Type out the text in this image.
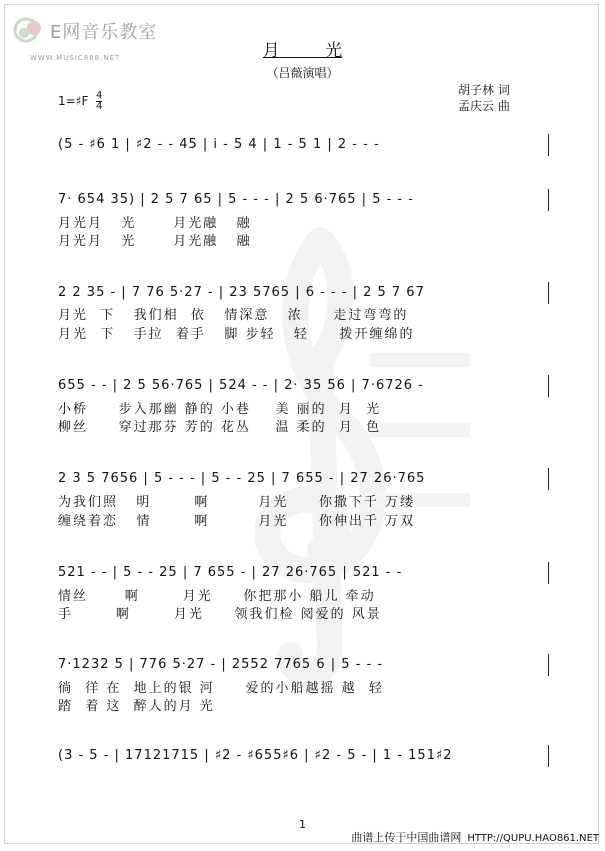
E网音乐教室
WWW.MUSIC888.NET	月 光
（吕薇演唱）
胡子林 词
孟庆云 曲
1=♯F 4
4
(5 - ♯6 1 | ♯2 - - 45 | i - 5 4 | 1 - 5 1 | 2 - - -
7· 654 35) | 2 5 7 65 | 5 - - - | 2 5 6·765 | 5 - - -
月光月   光      月光融   融
月光月   光      月光融   融
2 2 35 - | 7 76 5·27 - | 23 5765 | 6 - - - | 2 5 7 67
月光  下   我们相  依   情深意   浓     走过弯弯的
月光  下   手拉  着手   脚 步轻   轻     拨开缠绵的
655 - - | 2 5 56·765 | 524 - - | 2· 35 56 | 7·6726 -
小桥     步入那幽 静的 小巷    美 丽的  月  光
柳丝     穿过那芬 芳的 花丛    温 柔的  月  色
2 3 5 7656 | 5 - - - | 5 - - 25 | 7 655 - | 27 26·765
为我们照   明       啊        月光     你撒下千 万缕
缠绕着恋   情       啊        月光     你伸出千 万双
521 - - | 5 - - 25 | 7 655 - | 27 26·765 | 521 - -
情丝      啊       月光     你把那小 船儿 牵动
手       啊       月光     领我们检 阅爱的 风景
7·1232 5 | 776 5·27 - | 2552 7765 6 | 5 - - -
徜  徉 在  地上的银 河     爱的小船越摇 越  轻
踏  着 这  醉人的月 光
(3 - 5 - | 17121715 | ♯2 - ♯655♯6 | ♯2 - 5 - | 1 - 151♯2
1
曲谱上传于中国曲谱网 HTTP://QUPU.HAO861.NET
